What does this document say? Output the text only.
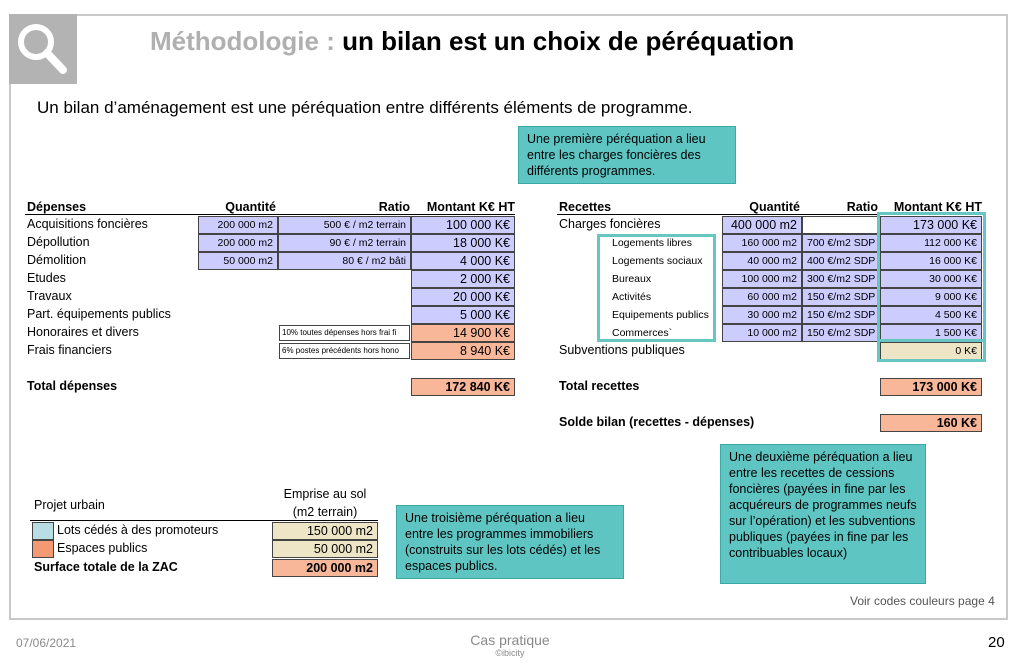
Méthodologie : un bilan est un choix de péréquation
Un bilan d’aménagement est une péréquation entre différents éléments de programme.
Une première péréquation a lieu entre les charges foncières des différents programmes.
Une deuxième péréquation a lieu entre les recettes de cessions foncières (payées in fine par les acquéreurs de programmes neufs sur l’opération) et les subventions publiques (payées in fine par les contribuables locaux)
Une troisième péréquation a lieu entre les programmes immobiliers (construits sur les lots cédés) et les espaces publics.
Dépenses	Quantité	Ratio	Montant K€ HT
Acquisitions foncières	200 000 m2	500 € / m2 terrain	100 000 K€
Dépollution	200 000 m2	90 € / m2 terrain	18 000 K€
Démolition	50 000 m2	80 € / m2 bâti	4 000 K€
Etudes	2 000 K€
Travaux	20 000 K€
Part. équipements publics	5 000 K€
Honoraires et divers	10% toutes dépenses hors frai fi	14 900 K€
Frais financiers	6% postes précédents hors hono	8 940 K€
Total dépenses	172 840 K€
Recettes	Quantité	Ratio	Montant K€ HT
Charges foncières	400 000 m2	173 000 K€
Logements libres	160 000 m2 700 €/m2 SDP	112 000 K€
Logements sociaux	40 000 m2 400 €/m2 SDP	16 000 K€
Bureaux	100 000 m2 300 €/m2 SDP	30 000 K€
Activités	60 000 m2 150 €/m2 SDP	9 000 K€
Equipements publics	30 000 m2 150 €/m2 SDP	4 500 K€
Commerces`	10 000 m2 150 €/m2 SDP	1 500 K€
Subventions publiques	0 K€
Total recettes	173 000 K€
Solde bilan (recettes - dépenses)	160 K€
Projet urbain
Emprise au sol
(m2 terrain)
Lots cédés à des promoteurs	150 000 m2
Espaces publics	50 000 m2
Surface totale de la ZAC	200 000 m2
Voir codes couleurs page 4
07/06/2021	Cas pratique
©ibicity
20
